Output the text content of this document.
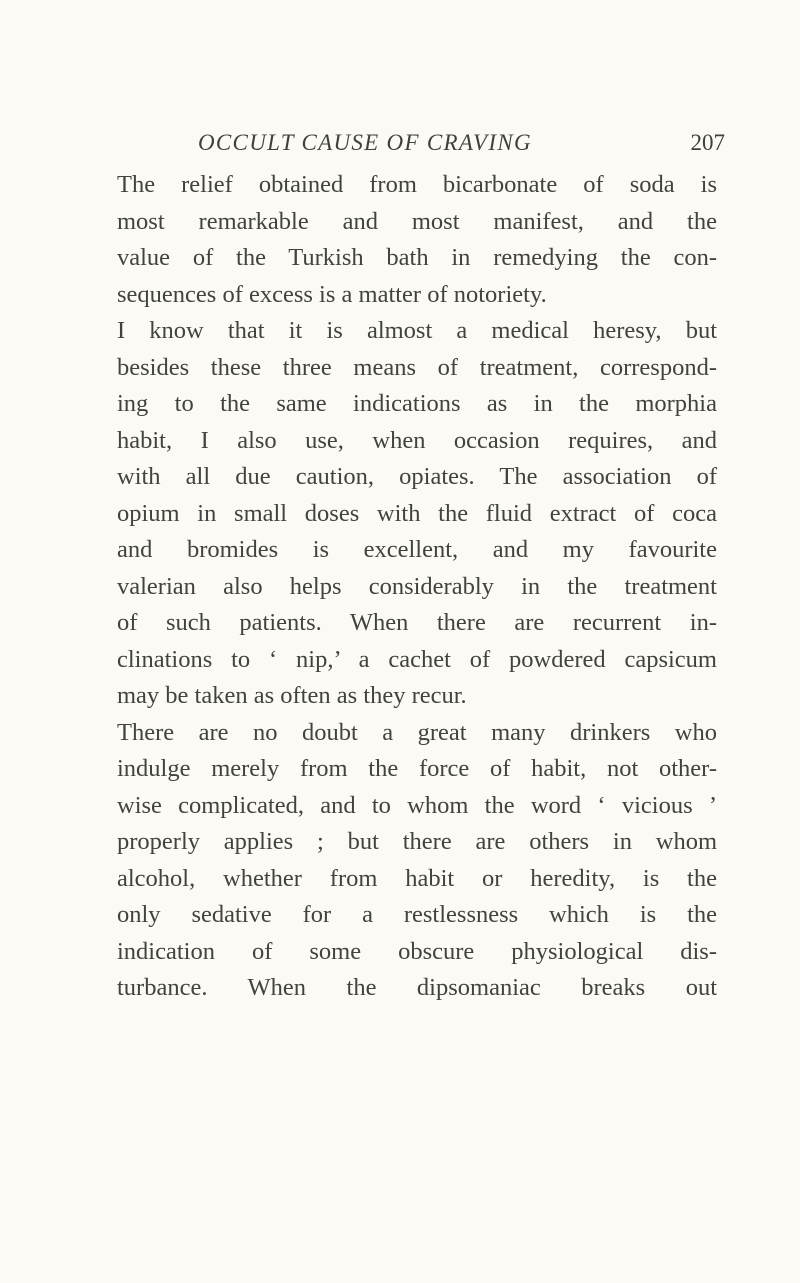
OCCULT CAUSE OF CRAVING	207
The relief obtained from bicarbonate of soda is
most remarkable and most manifest, and the
value of the Turkish bath in remedying the con-
sequences of excess is a matter of notoriety.
I know that it is almost a medical heresy, but
besides these three means of treatment, correspond-
ing to the same indications as in the morphia
habit, I also use, when occasion requires, and
with all due caution, opiates. The association of
opium in small doses with the fluid extract of coca
and bromides is excellent, and my favourite
valerian also helps considerably in the treatment
of such patients. When there are recurrent in-
clinations to ‘ nip,’ a cachet of powdered capsicum
may be taken as often as they recur.
There are no doubt a great many drinkers who
indulge merely from the force of habit, not other-
wise complicated, and to whom the word ‘ vicious ’
properly applies ; but there are others in whom
alcohol, whether from habit or heredity, is the
only sedative for a restlessness which is the
indication of some obscure physiological dis-
turbance. When the dipsomaniac breaks out
